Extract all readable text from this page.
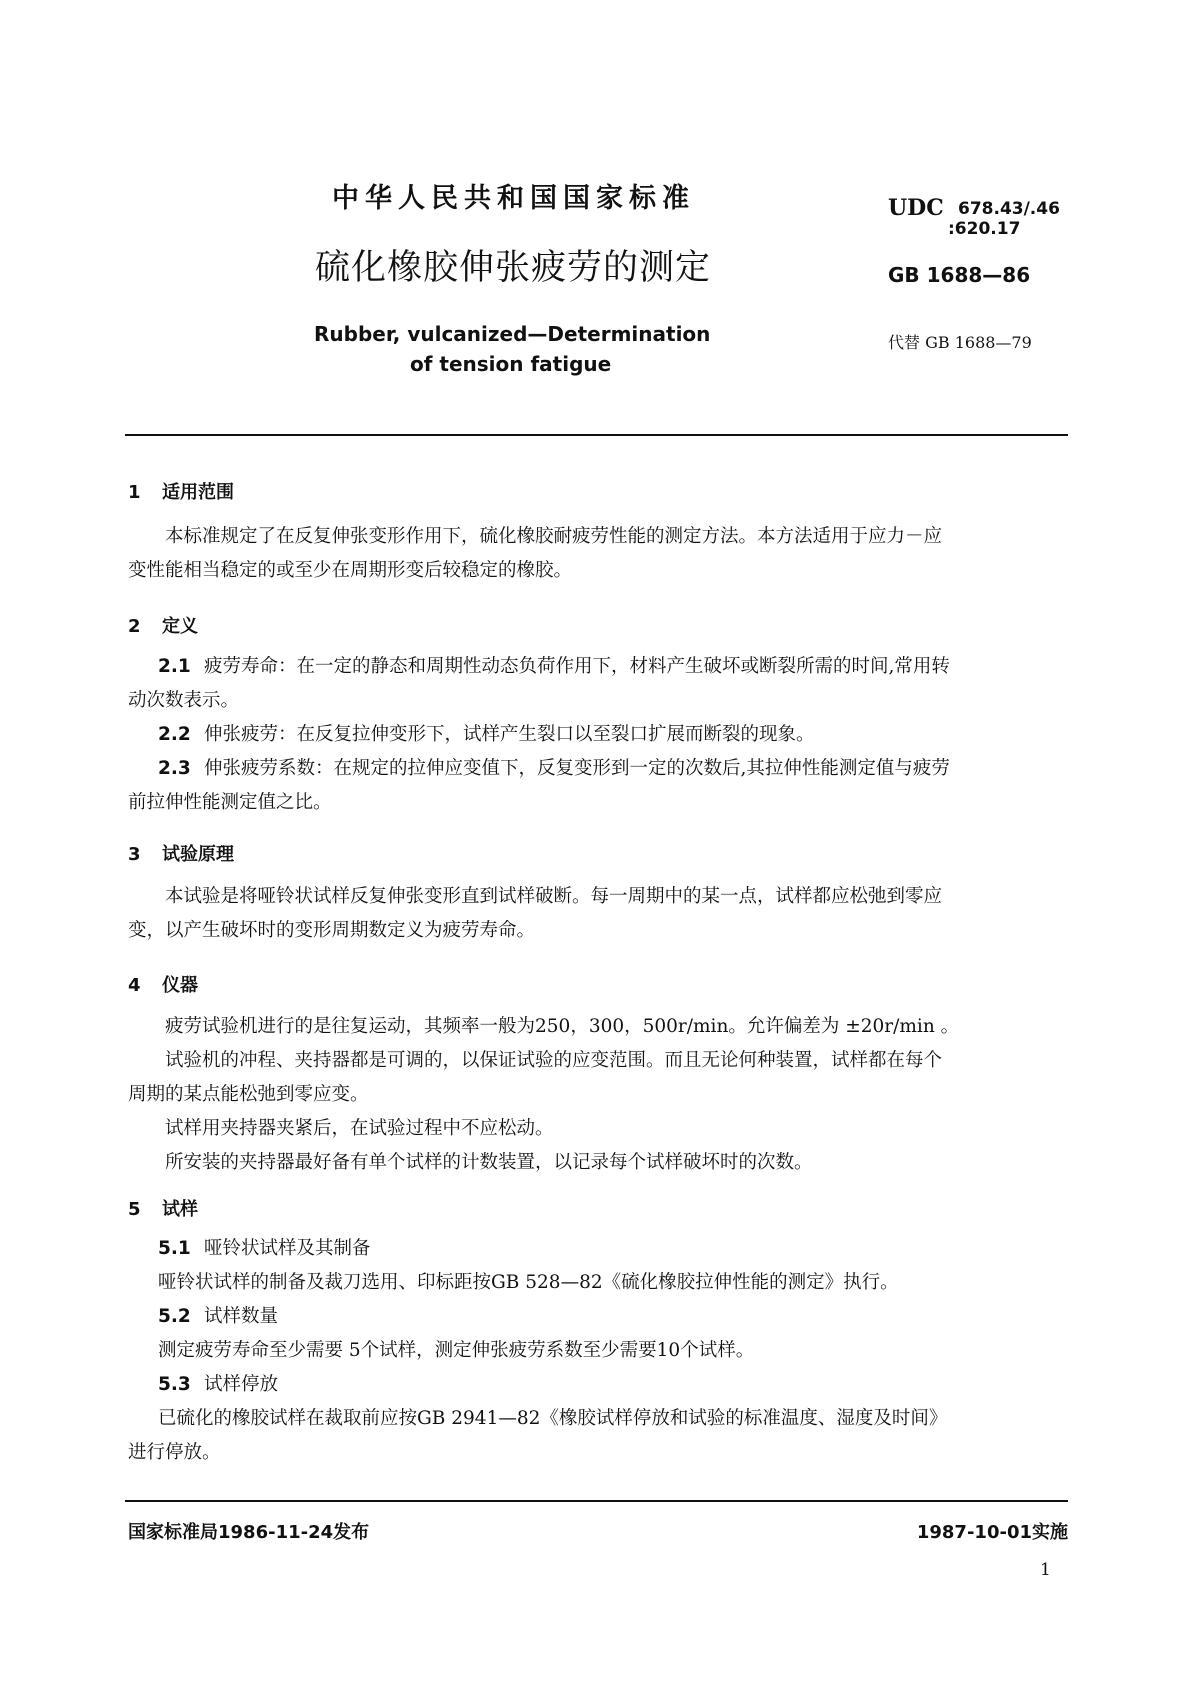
中华人民共和国国家标准
硫化橡胶伸张疲劳的测定
Rubber, vulcanized—Determination
of tension fatigue
UDC 678.43/.46
:620.17
GB 1688—86
代替 GB 1688—79
1 适用范围
本标准规定了在反复伸张变形作用下，硫化橡胶耐疲劳性能的测定方法。本方法适用于应力－应
变性能相当稳定的或至少在周期形变后较稳定的橡胶。
2 定义
2.1 疲劳寿命：在一定的静态和周期性动态负荷作用下，材料产生破坏或断裂所需的时间,常用转
动次数表示。
2.2 伸张疲劳：在反复拉伸变形下，试样产生裂口以至裂口扩展而断裂的现象。
2.3 伸张疲劳系数：在规定的拉伸应变值下，反复变形到一定的次数后,其拉伸性能测定值与疲劳
前拉伸性能测定值之比。
3 试验原理
本试验是将哑铃状试样反复伸张变形直到试样破断。每一周期中的某一点，试样都应松弛到零应
变，以产生破坏时的变形周期数定义为疲劳寿命。
4 仪器
疲劳试验机进行的是往复运动，其频率一般为250，300，500r/min。允许偏差为 ±20r/min 。
试验机的冲程、夹持器都是可调的，以保证试验的应变范围。而且无论何种装置，试样都在每个
周期的某点能松弛到零应变。
试样用夹持器夹紧后，在试验过程中不应松动。
所安装的夹持器最好备有单个试样的计数装置，以记录每个试样破坏时的次数。
5 试样
5.1 哑铃状试样及其制备
哑铃状试样的制备及裁刀选用、印标距按GB 528—82《硫化橡胶拉伸性能的测定》执行。
5.2 试样数量
测定疲劳寿命至少需要 5个试样，测定伸张疲劳系数至少需要10个试样。
5.3 试样停放
已硫化的橡胶试样在裁取前应按GB 2941—82《橡胶试样停放和试验的标准温度、湿度及时间》
进行停放。
国家标准局1986-11-24发布	1987-10-01实施
1
